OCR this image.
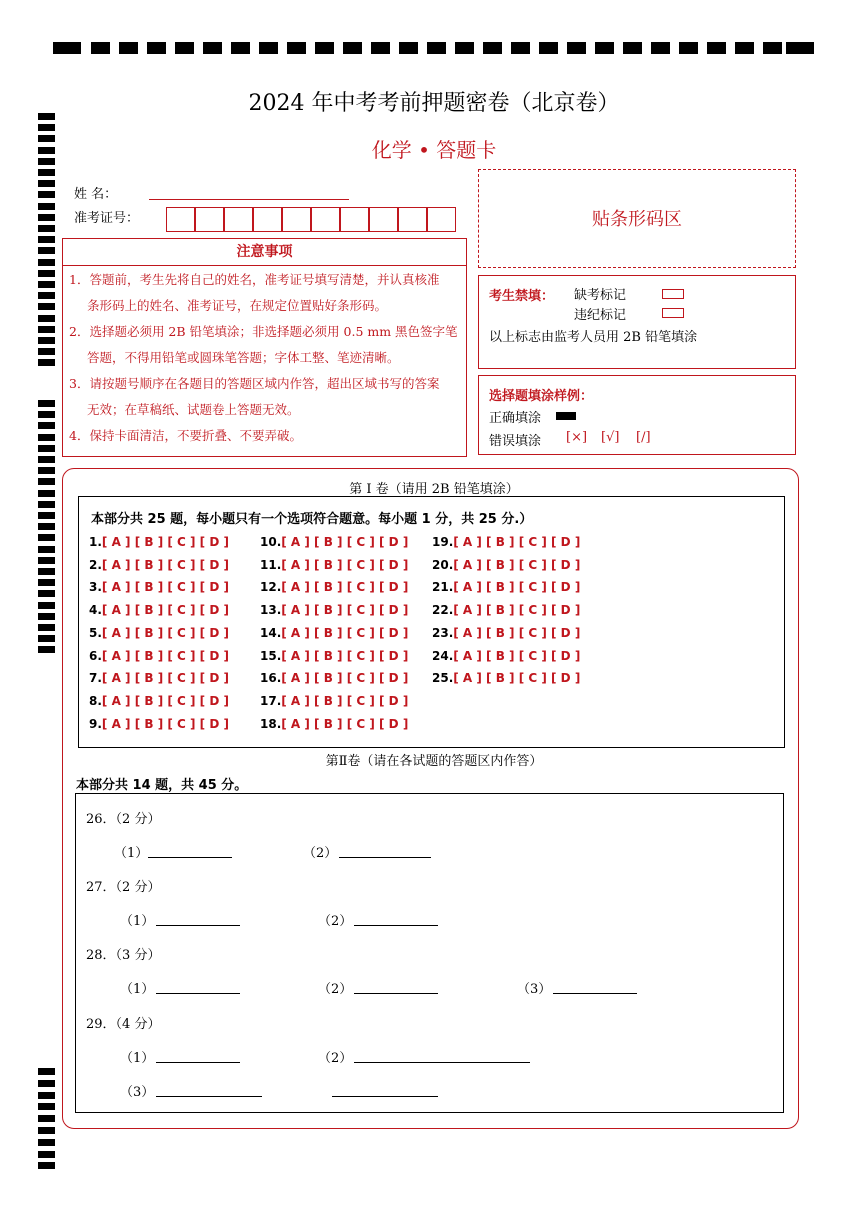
2024 年中考考前押题密卷（北京卷）
化学 • 答题卡
姓 名：
准考证号：	贴条形码区
注意事项

1．答题前，考生先将自己的姓名，准考证号填写清楚，并认真核准

条形码上的姓名、准考证号，在规定位置贴好条形码。

2．选择题必须用 2B 铅笔填涂；非选择题必须用 0.5 mm 黑色签字笔

答题，不得用铅笔或圆珠笔答题；字体工整、笔迹清晰。

3．请按题号顺序在各题目的答题区域内作答，超出区域书写的答案

无效；在草稿纸、试题卷上答题无效。

4．保持卡面清洁，不要折叠、不要弄破。

考生禁填： 缺考标记
违纪标记
以上标志由监考人员用 2B 铅笔填涂
选择题填涂样例：
正确填涂
错误填涂 [×] [√] [/]
第 I 卷（请用 2B 铅笔填涂）
本部分共 25 题，每小题只有一个选项符合题意。每小题 1 分，共 25 分.）
1.[ A ] [ B ] [ C ] [ D ]
2.[ A ] [ B ] [ C ] [ D ]
3.[ A ] [ B ] [ C ] [ D ]
4.[ A ] [ B ] [ C ] [ D ]
5.[ A ] [ B ] [ C ] [ D ]
6.[ A ] [ B ] [ C ] [ D ]
7.[ A ] [ B ] [ C ] [ D ]
8.[ A ] [ B ] [ C ] [ D ]
9.[ A ] [ B ] [ C ] [ D ]
10.[ A ] [ B ] [ C ] [ D ]
11.[ A ] [ B ] [ C ] [ D ]
12.[ A ] [ B ] [ C ] [ D ]
13.[ A ] [ B ] [ C ] [ D ]
14.[ A ] [ B ] [ C ] [ D ]
15.[ A ] [ B ] [ C ] [ D ]
16.[ A ] [ B ] [ C ] [ D ]
17.[ A ] [ B ] [ C ] [ D ]
18.[ A ] [ B ] [ C ] [ D ]
19.[ A ] [ B ] [ C ] [ D ]
20.[ A ] [ B ] [ C ] [ D ]
21.[ A ] [ B ] [ C ] [ D ]
22.[ A ] [ B ] [ C ] [ D ]
23.[ A ] [ B ] [ C ] [ D ]
24.[ A ] [ B ] [ C ] [ D ]
25.[ A ] [ B ] [ C ] [ D ]
第Ⅱ卷（请在各试题的答题区内作答）
本部分共 14 题，共 45 分。
26．（2 分）
（1）	（2）
27．（2 分）
（1）	（2）
28．（3 分）
（1）	（2）	（3）
29．（4 分）
（1）	（2）
（3）
